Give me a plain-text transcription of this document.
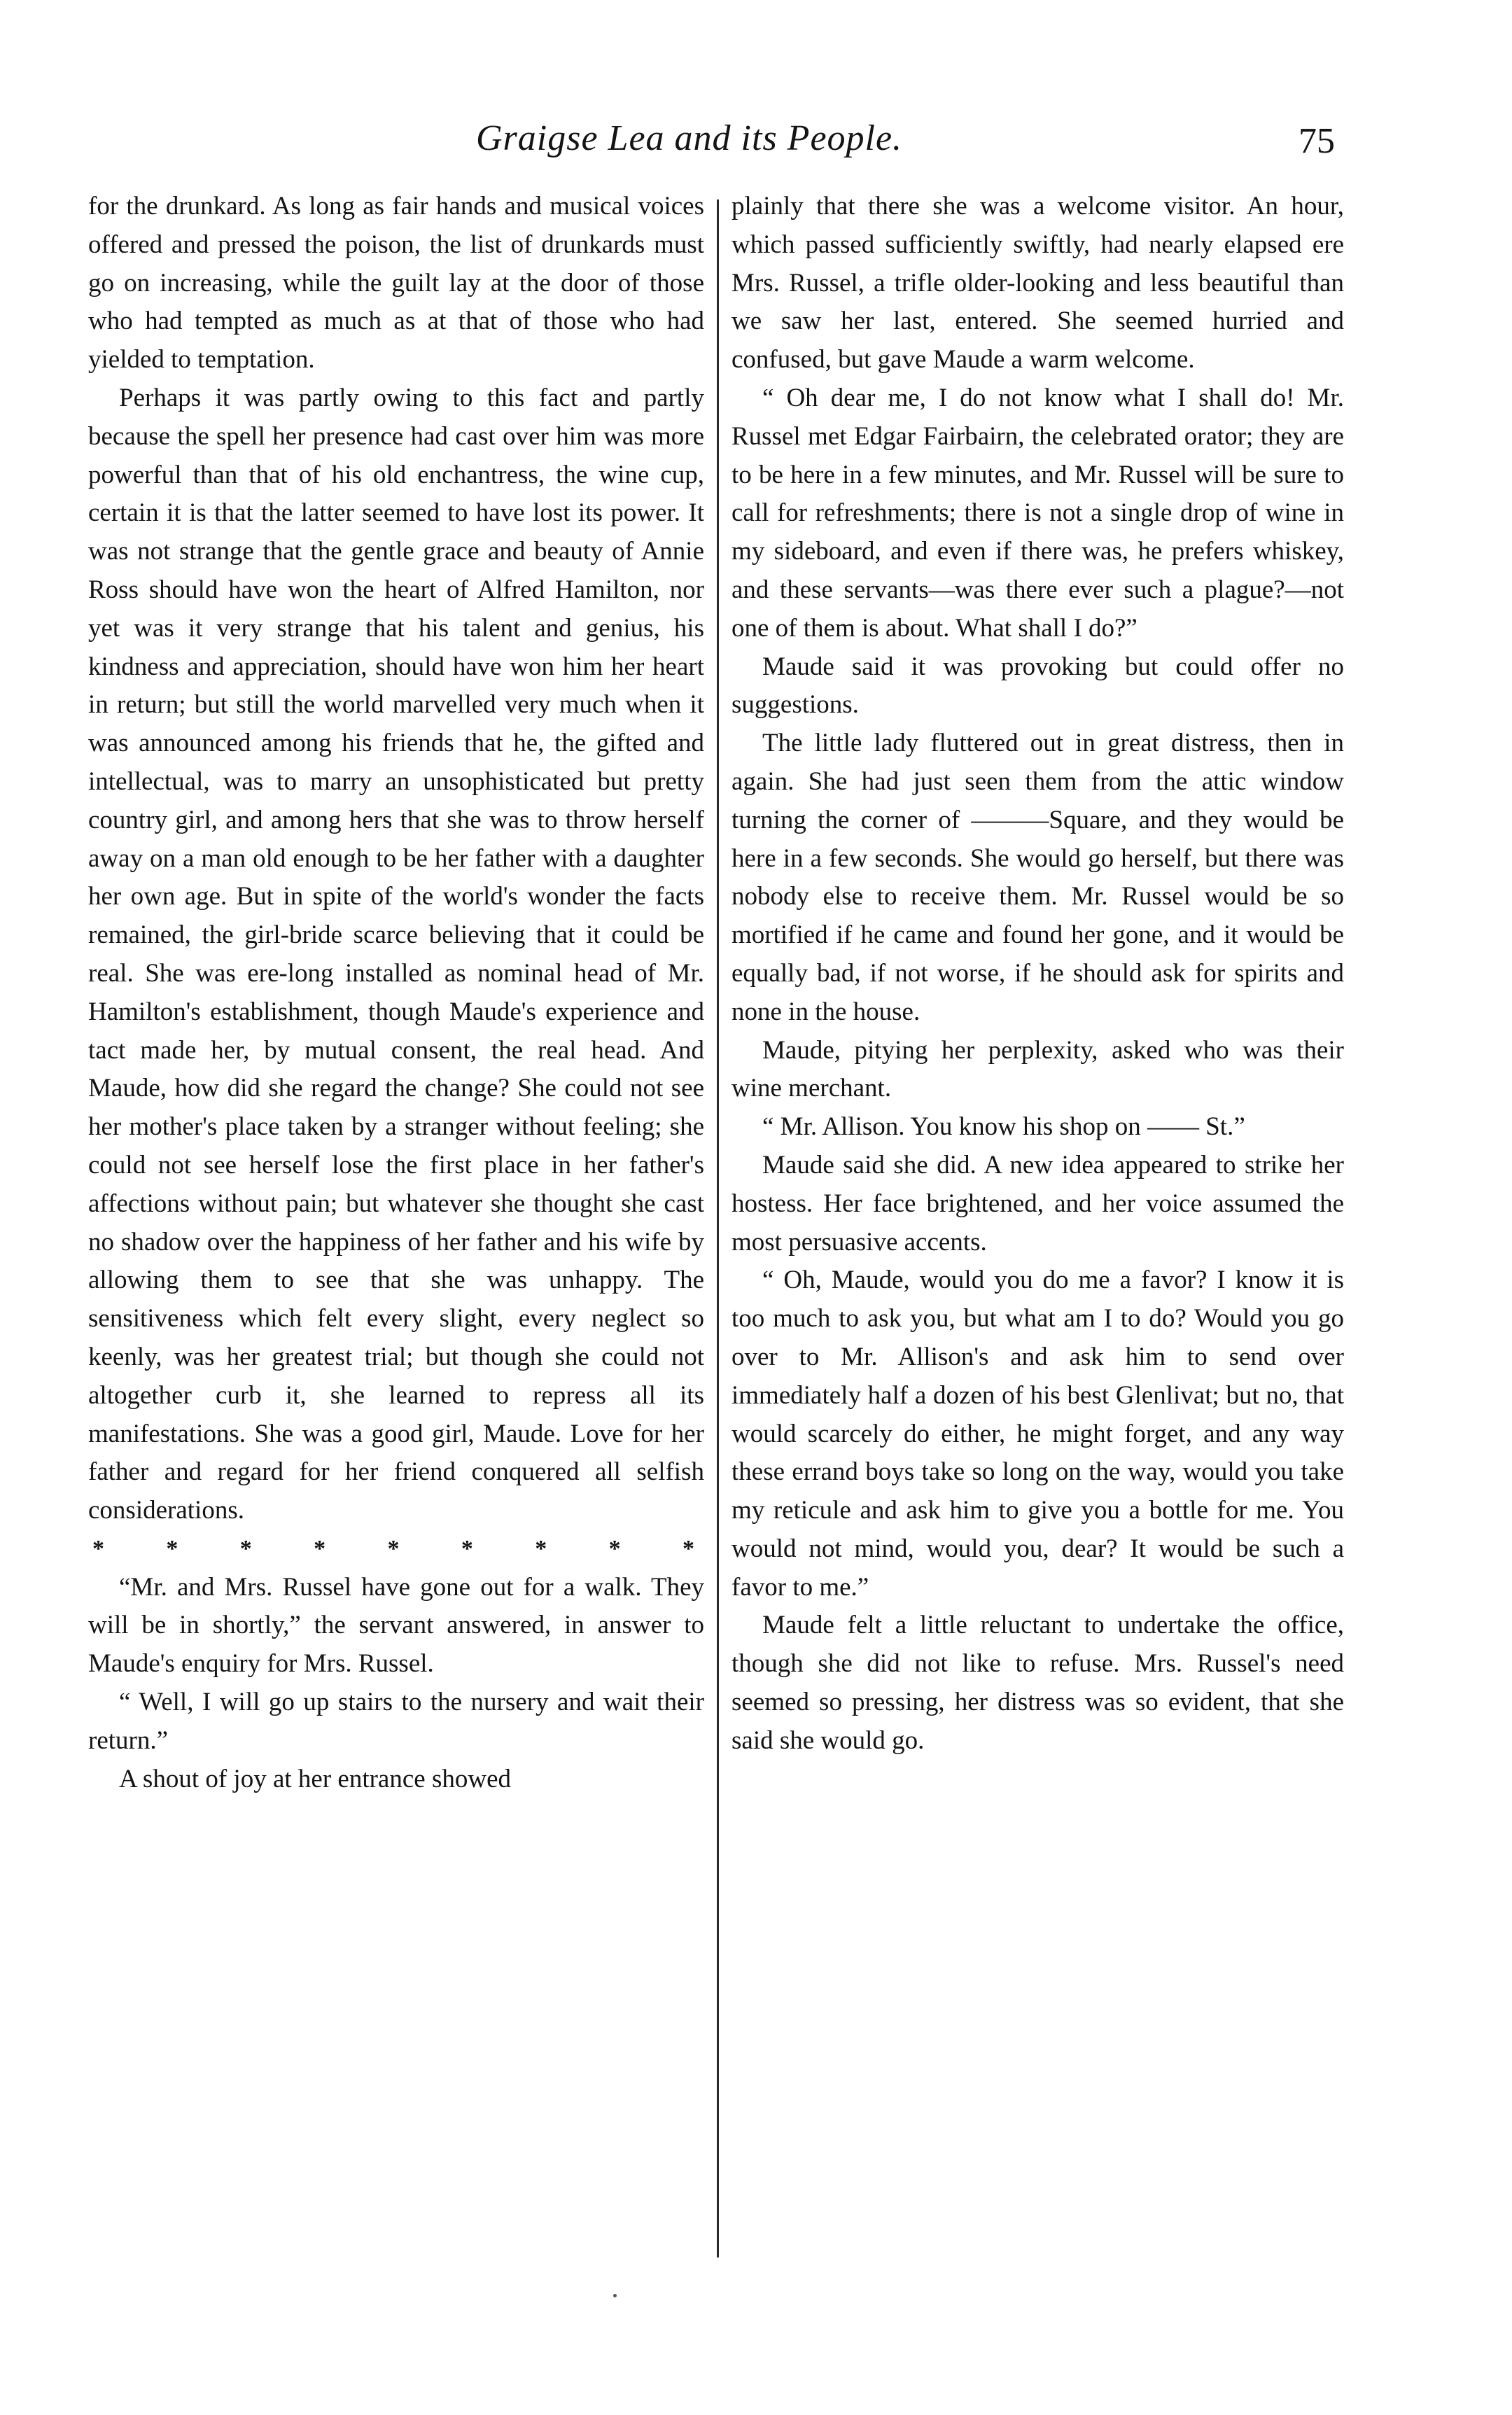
Graigse Lea and its People.	75

for the drunkard. As long as fair hands and musical voices offered and pressed the poison, the list of drunkards must go on increasing, while the guilt lay at the door of those who had tempted as much as at that of those who had yielded to temptation.

Perhaps it was partly owing to this fact and partly because the spell her presence had cast over him was more powerful than that of his old enchantress, the wine cup, certain it is that the latter seemed to have lost its power. It was not strange that the gentle grace and beauty of Annie Ross should have won the heart of Alfred Hamilton, nor yet was it very strange that his talent and genius, his kindness and appreciation, should have won him her heart in return; but still the world marvelled very much when it was announced among his friends that he, the gifted and intellectual, was to marry an unsophisticated but pretty country girl, and among hers that she was to throw herself away on a man old enough to be her father with a daughter her own age. But in spite of the world's wonder the facts remained, the girl-bride scarce believing that it could be real. She was ere-long installed as nominal head of Mr. Hamilton's establishment, though Maude's experience and tact made her, by mutual consent, the real head. And Maude, how did she regard the change? She could not see her mother's place taken by a stranger without feeling; she could not see herself lose the first place in her father's affections without pain; but whatever she thought she cast no shadow over the happiness of her father and his wife by allowing them to see that she was unhappy. The sensitiveness which felt every slight, every neglect so keenly, was her greatest trial; but though she could not altogether curb it, she learned to repress all its manifestations. She was a good girl, Maude. Love for her father and regard for her friend conquered all selfish considerations.

*	*	*	*	*	*	*	*	*

“Mr. and Mrs. Russel have gone out for a walk. They will be in shortly,” the servant answered, in answer to Maude's enquiry for Mrs. Russel.

“ Well, I will go up stairs to the nursery and wait their return.”

A shout of joy at her entrance showed

plainly that there she was a welcome visitor. An hour, which passed sufficiently swiftly, had nearly elapsed ere Mrs. Russel, a trifle older-looking and less beautiful than we saw her last, entered. She seemed hurried and confused, but gave Maude a warm welcome.

“ Oh dear me, I do not know what I shall do! Mr. Russel met Edgar Fairbairn, the celebrated orator; they are to be here in a few minutes, and Mr. Russel will be sure to call for refreshments; there is not a single drop of wine in my sideboard, and even if there was, he prefers whiskey, and these servants—was there ever such a plague?—not one of them is about. What shall I do?”

Maude said it was provoking but could offer no suggestions.

The little lady fluttered out in great distress, then in again. She had just seen them from the attic window turning the corner of ———Square, and they would be here in a few seconds. She would go herself, but there was nobody else to receive them. Mr. Russel would be so mortified if he came and found her gone, and it would be equally bad, if not worse, if he should ask for spirits and none in the house.

Maude, pitying her perplexity, asked who was their wine merchant.

“ Mr. Allison. You know his shop on —— St.”

Maude said she did. A new idea appeared to strike her hostess. Her face brightened, and her voice assumed the most persuasive accents.

“ Oh, Maude, would you do me a favor? I know it is too much to ask you, but what am I to do? Would you go over to Mr. Allison's and ask him to send over immediately half a dozen of his best Glenlivat; but no, that would scarcely do either, he might forget, and any way these errand boys take so long on the way, would you take my reticule and ask him to give you a bottle for me. You would not mind, would you, dear? It would be such a favor to me.”

Maude felt a little reluctant to undertake the office, though she did not like to refuse. Mrs. Russel's need seemed so pressing, her distress was so evident, that she said she would go.
